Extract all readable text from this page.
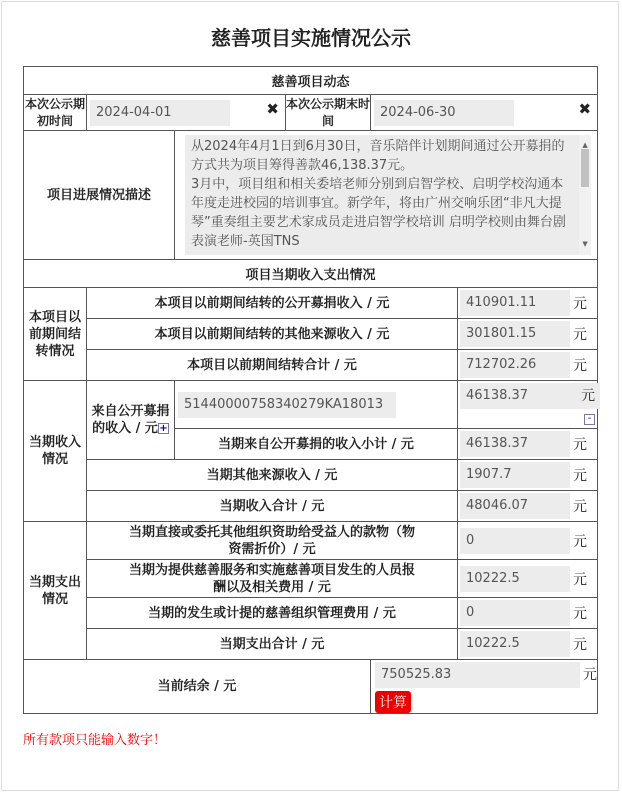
慈善项目实施情况公示
慈善项目动态					
本次公示期初时间	2024-04-01 ✖		本次公示期末时间	2024-06-30 ✖	

项目进展情况描述		从2024年4月1日到6月30日，音乐陪伴计划期间通过公开募捐的方式共为项目筹得善款46,138.37元。
3月中，项目组和相关委培老师分别到启智学校、启明学校沟通本年度走进校园的培训事宜。新学年，将由广州交响乐团“非凡大提琴”重奏组主要艺术家成员走进启智学校培训 启明学校则由舞台剧表演老师-英国TNS
▲
▼			

项目当期收入支出情况					
本项目以前期间结转情况	本项目以前期间结转的公开募捐收入 / 元				410901.11 元
	本项目以前期间结转的其他来源收入 / 元				301801.15 元
	本项目以前期间结转合计 / 元				712702.26 元
当期收入情况	来自公开募捐的收入 / 元+	51440000758340279KA18013			46138.37 元
-

		当期来自公开募捐的收入小计 / 元			46138.37 元
	当期其他来源收入 / 元				1907.7 元
	当期收入合计 / 元				48046.07 元
当期支出情况	当期直接或委托其他组织资助给受益人的款物（物资需折价）/ 元				0 元
	当期为提供慈善服务和实施慈善项目发生的人员报酬以及相关费用 / 元				10222.5 元
	当期的发生或计提的慈善组织管理费用 / 元				0 元
	当期支出合计 / 元				10222.5 元
当前结余 / 元				750525.83 元
计算	
所有款项只能输入数字！
